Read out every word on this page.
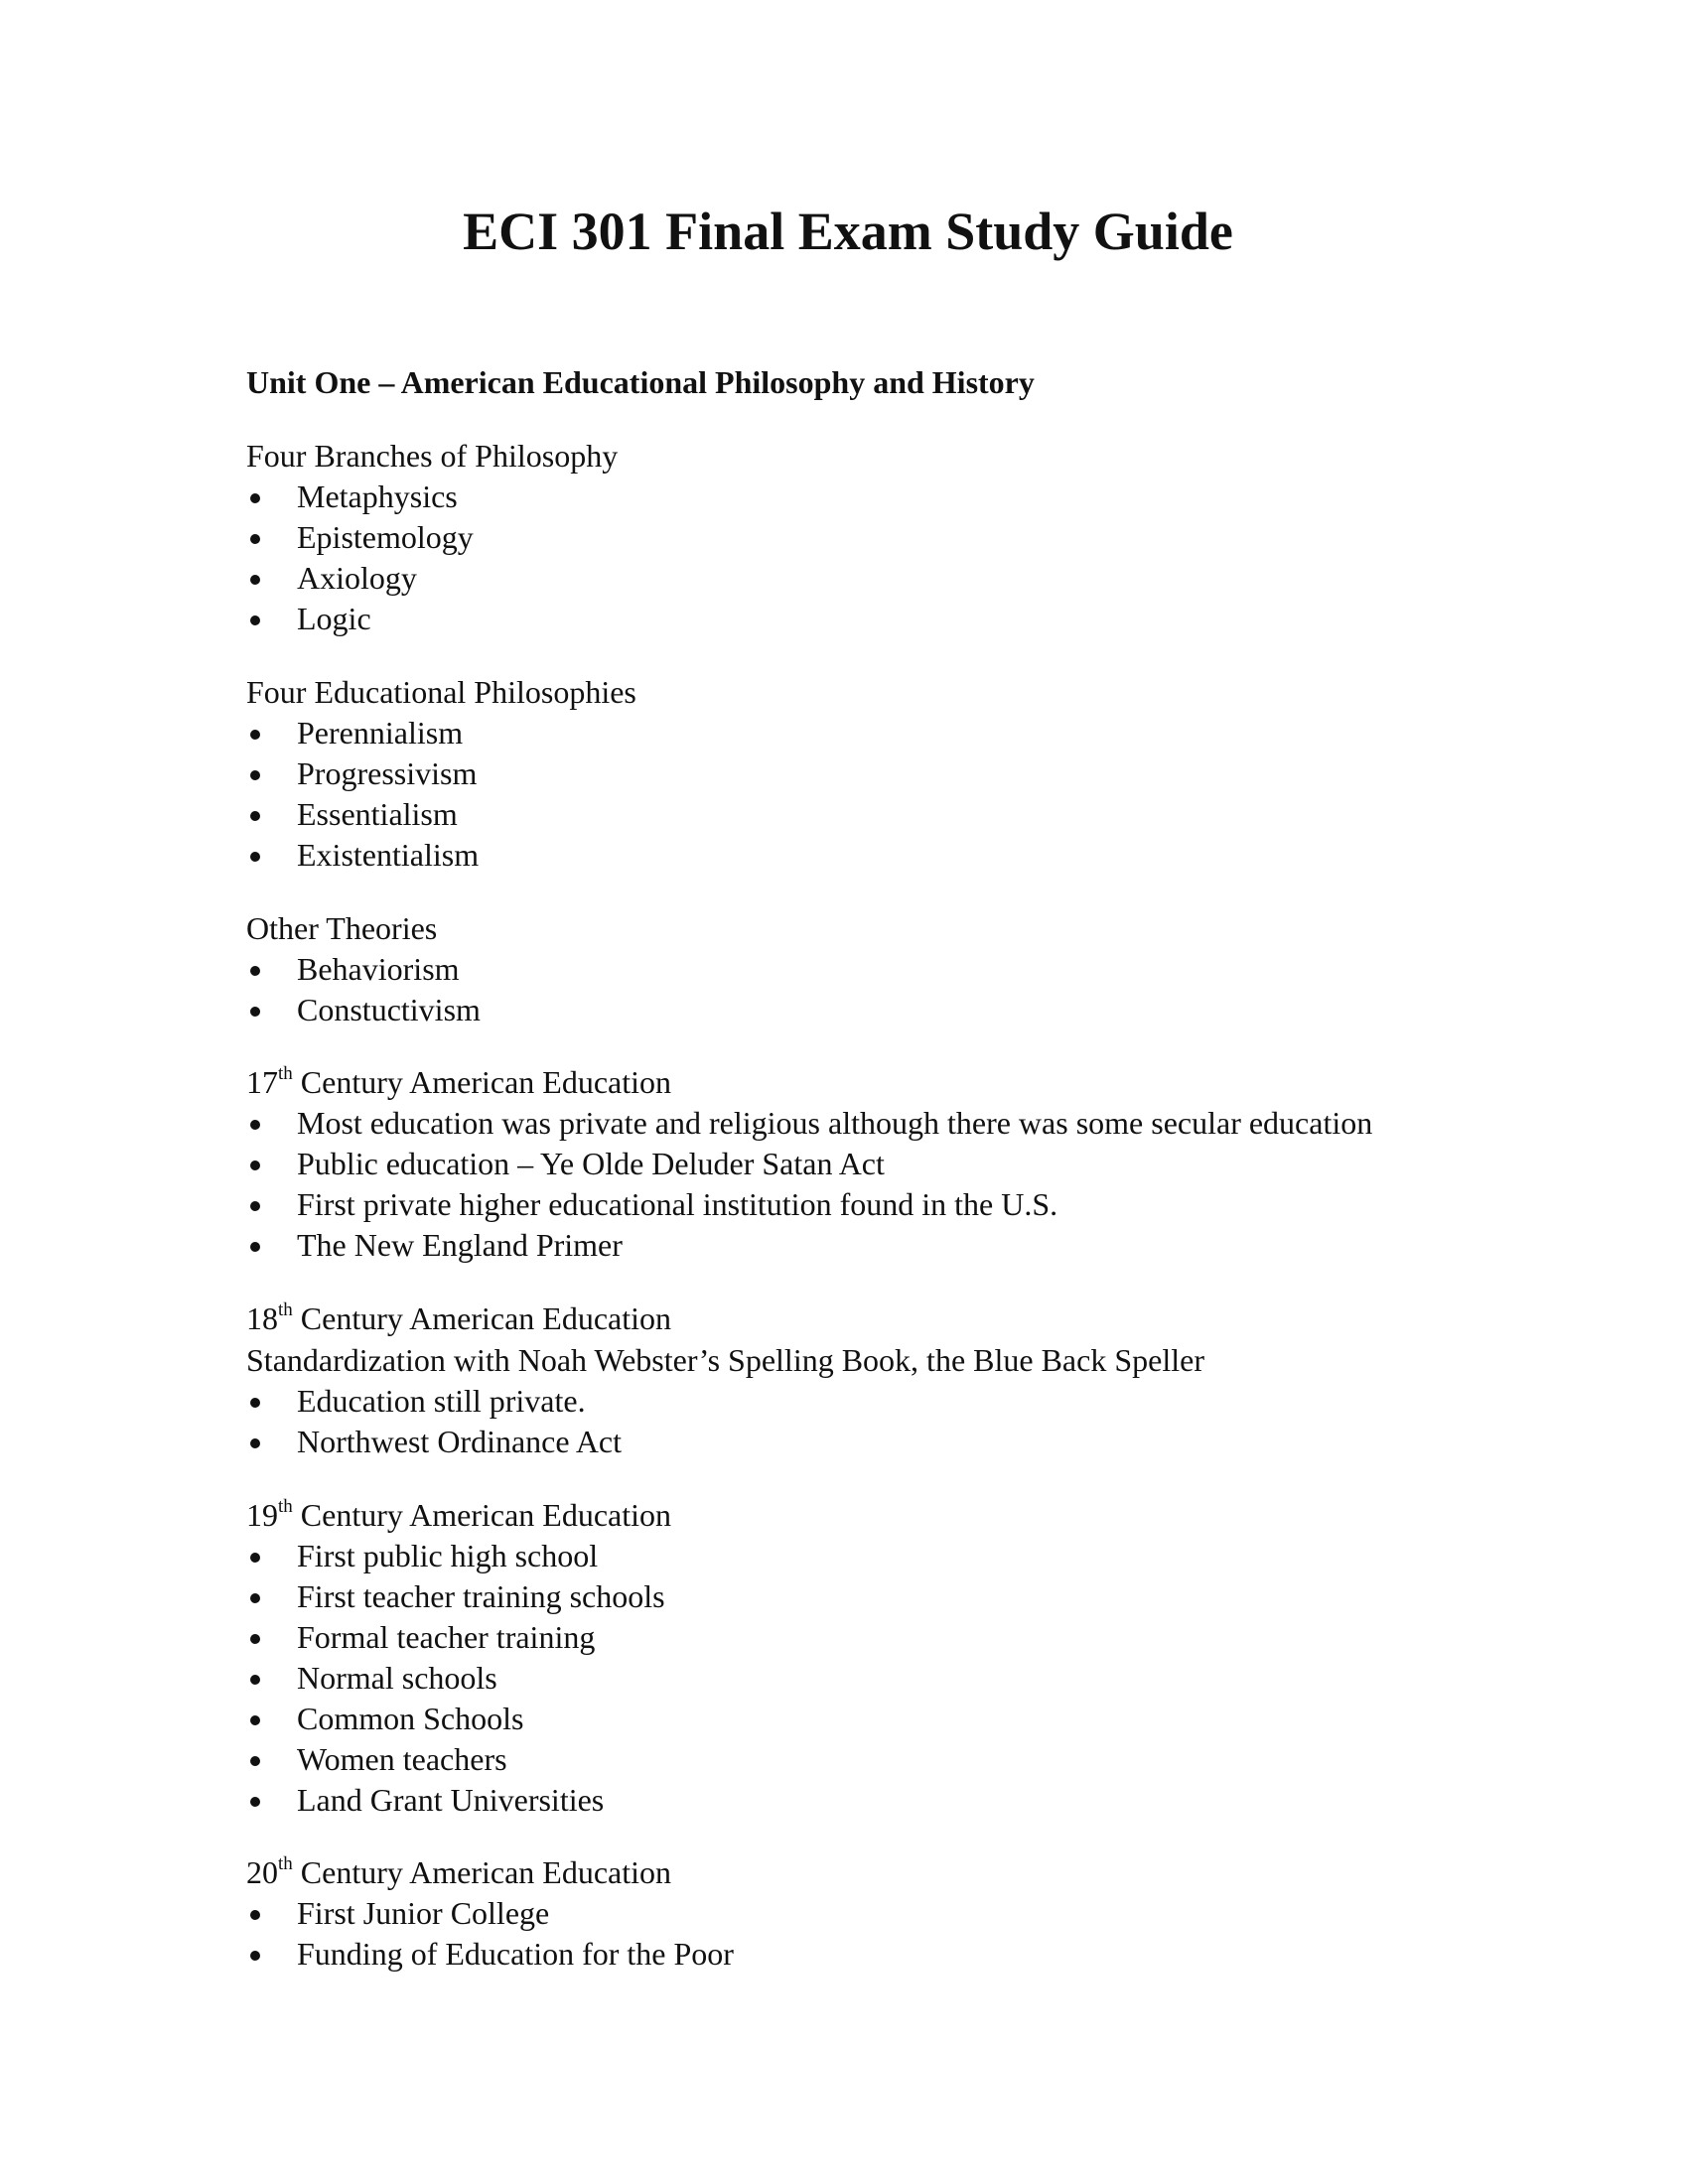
ECI 301 Final Exam Study Guide
Unit One – American Educational Philosophy and History

Four Branches of Philosophy

Metaphysics
Epistemology
Axiology
Logic

Four Educational Philosophies

Perennialism
Progressivism
Essentialism
Existentialism

Other Theories

Behaviorism
Constuctivism

17th Century American Education

Most education was private and religious although there was some secular education
Public education – Ye Olde Deluder Satan Act
First private higher educational institution found in the U.S.
The New England Primer

18th Century American Education

Standardization with Noah Webster’s Spelling Book, the Blue Back Speller

Education still private.
Northwest Ordinance Act

19th Century American Education

First public high school
First teacher training schools
Formal teacher training
Normal schools
Common Schools
Women teachers
Land Grant Universities

20th Century American Education

First Junior College
Funding of Education for the Poor
